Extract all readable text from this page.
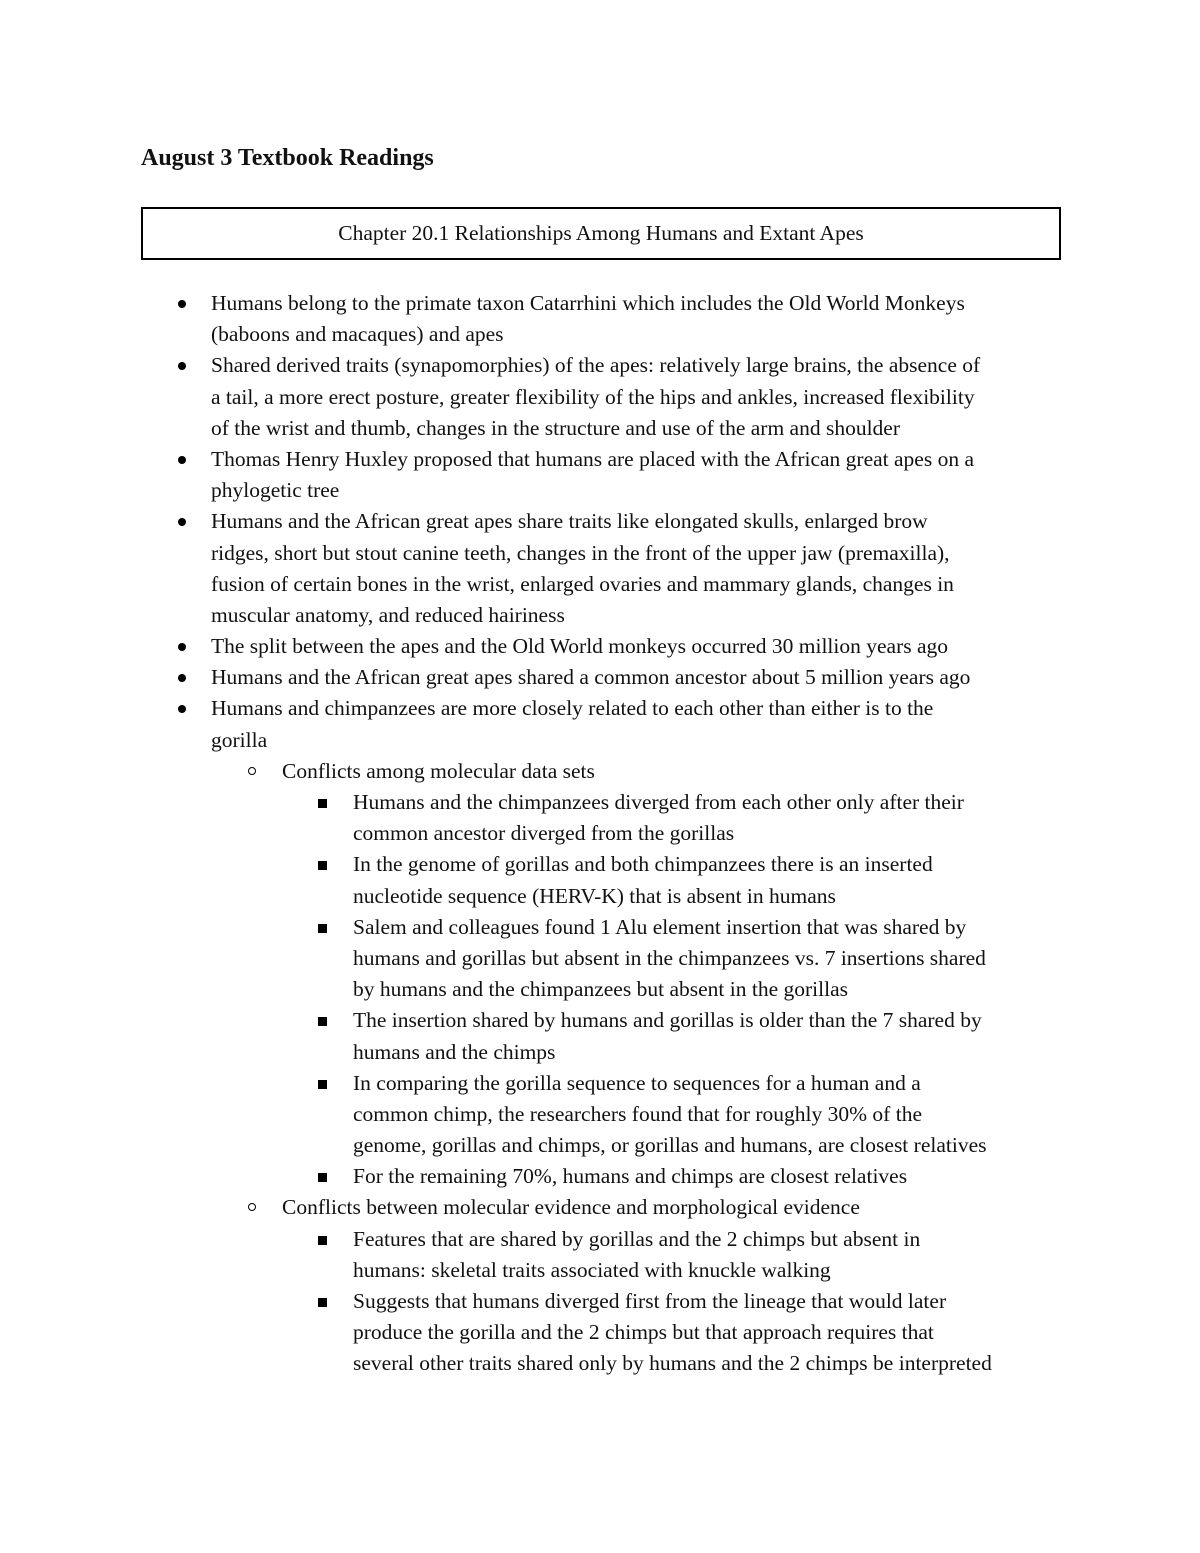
August 3 Textbook Readings
Chapter 20.1 Relationships Among Humans and Extant Apes
Humans belong to the primate taxon Catarrhini which includes the Old World Monkeys
(baboons and macaques) and apes
Shared derived traits (synapomorphies) of the apes: relatively large brains, the absence of
a tail, a more erect posture, greater flexibility of the hips and ankles, increased flexibility
of the wrist and thumb, changes in the structure and use of the arm and shoulder
Thomas Henry Huxley proposed that humans are placed with the African great apes on a
phylogetic tree
Humans and the African great apes share traits like elongated skulls, enlarged brow
ridges, short but stout canine teeth, changes in the front of the upper jaw (premaxilla),
fusion of certain bones in the wrist, enlarged ovaries and mammary glands, changes in
muscular anatomy, and reduced hairiness
The split between the apes and the Old World monkeys occurred 30 million years ago
Humans and the African great apes shared a common ancestor about 5 million years ago
Humans and chimpanzees are more closely related to each other than either is to the
gorilla
Conflicts among molecular data sets
Humans and the chimpanzees diverged from each other only after their
common ancestor diverged from the gorillas
In the genome of gorillas and both chimpanzees there is an inserted
nucleotide sequence (HERV-K) that is absent in humans
Salem and colleagues found 1 Alu element insertion that was shared by
humans and gorillas but absent in the chimpanzees vs. 7 insertions shared
by humans and the chimpanzees but absent in the gorillas
The insertion shared by humans and gorillas is older than the 7 shared by
humans and the chimps
In comparing the gorilla sequence to sequences for a human and a
common chimp, the researchers found that for roughly 30% of the
genome, gorillas and chimps, or gorillas and humans, are closest relatives
For the remaining 70%, humans and chimps are closest relatives
Conflicts between molecular evidence and morphological evidence
Features that are shared by gorillas and the 2 chimps but absent in
humans: skeletal traits associated with knuckle walking
Suggests that humans diverged first from the lineage that would later
produce the gorilla and the 2 chimps but that approach requires that
several other traits shared only by humans and the 2 chimps be interpreted
